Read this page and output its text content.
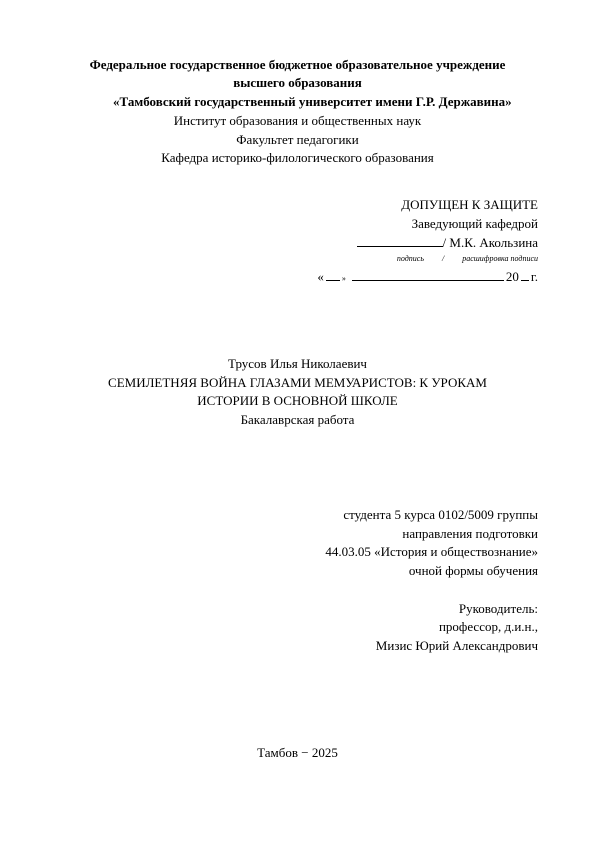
Федеральное государственное бюджетное образовательное учреждение
высшего образования
«Тамбовский государственный университет имени Г.Р. Державина»
Институт образования и общественных наук
Факультет педагогики
Кафедра историко-филологического образования
ДОПУЩЕН К ЗАЩИТЕ
Заведующий кафедрой
/ М.К. Акользина
подпись / расшифровка подписи
« »	20 г.
Трусов Илья Николаевич
СЕМИЛЕТНЯЯ ВОЙНА ГЛАЗАМИ МЕМУАРИСТОВ: К УРОКАМ
ИСТОРИИ В ОСНОВНОЙ ШКОЛЕ
Бакалаврская работа
студента 5 курса 0102/5009 группы
направления подготовки
44.03.05 «История и обществознание»
очной формы обучения
Руководитель:
профессор, д.и.н.,
Мизис Юрий Александрович
Тамбов − 2025
